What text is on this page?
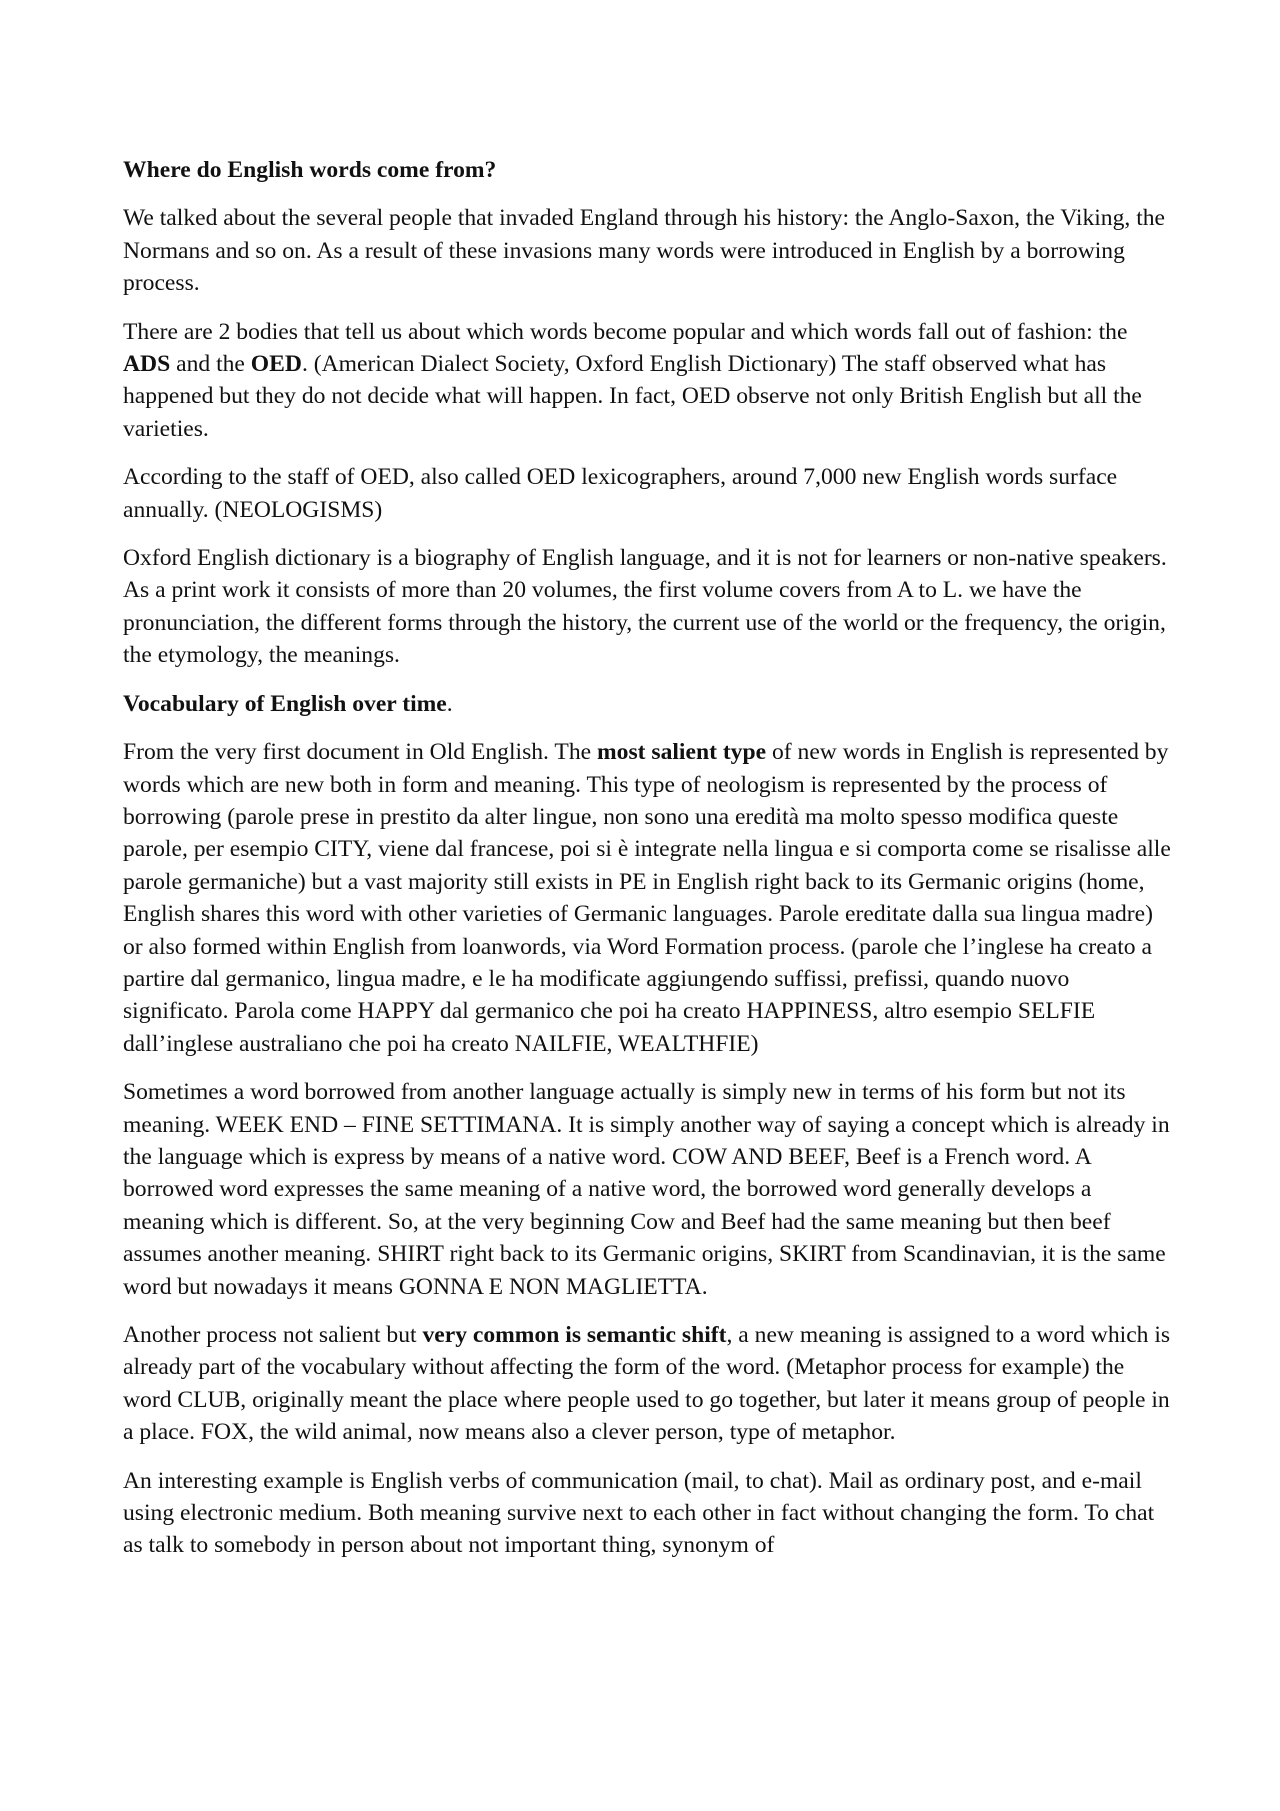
Where do English words come from?

We talked about the several people that invaded England through his history: the Anglo-Saxon, the Viking, the Normans and so on. As a result of these invasions many words were introduced in English by a borrowing process.

There are 2 bodies that tell us about which words become popular and which words fall out of fashion: the ADS and the OED. (American Dialect Society, Oxford English Dictionary) The staff observed what has happened but they do not decide what will happen. In fact, OED observe not only British English but all the varieties.

According to the staff of OED, also called OED lexicographers, around 7,000 new English words surface annually. (NEOLOGISMS)

Oxford English dictionary is a biography of English language, and it is not for learners or non-native speakers. As a print work it consists of more than 20 volumes, the first volume covers from A to L. we have the pronunciation, the different forms through the history, the current use of the world or the frequency, the origin, the etymology, the meanings.

Vocabulary of English over time.

From the very first document in Old English. The most salient type of new words in English is represented by words which are new both in form and meaning. This type of neologism is represented by the process of borrowing (parole prese in prestito da alter lingue, non sono una eredità ma molto spesso modifica queste parole, per esempio CITY, viene dal francese, poi si è integrate nella lingua e si comporta come se risalisse alle parole germaniche) but a vast majority still exists in PE in English right back to its Germanic origins (home, English shares this word with other varieties of Germanic languages. Parole ereditate dalla sua lingua madre) or also formed within English from loanwords, via Word Formation process. (parole che l’inglese ha creato a partire dal germanico, lingua madre, e le ha modificate aggiungendo suffissi, prefissi, quando nuovo significato. Parola come HAPPY dal germanico che poi ha creato HAPPINESS, altro esempio SELFIE dall’inglese australiano che poi ha creato NAILFIE, WEALTHFIE)

Sometimes a word borrowed from another language actually is simply new in terms of his form but not its meaning. WEEK END – FINE SETTIMANA. It is simply another way of saying a concept which is already in the language which is express by means of a native word. COW AND BEEF, Beef is a French word. A borrowed word expresses the same meaning of a native word, the borrowed word generally develops a meaning which is different. So, at the very beginning Cow and Beef had the same meaning but then beef assumes another meaning. SHIRT right back to its Germanic origins, SKIRT from Scandinavian, it is the same word but nowadays it means GONNA E NON MAGLIETTA.

Another process not salient but very common is semantic shift, a new meaning is assigned to a word which is already part of the vocabulary without affecting the form of the word. (Metaphor process for example) the word CLUB, originally meant the place where people used to go together, but later it means group of people in a place. FOX, the wild animal, now means also a clever person, type of metaphor.

An interesting example is English verbs of communication (mail, to chat). Mail as ordinary post, and e-mail using electronic medium. Both meaning survive next to each other in fact without changing the form. To chat as talk to somebody in person about not important thing, synonym of
